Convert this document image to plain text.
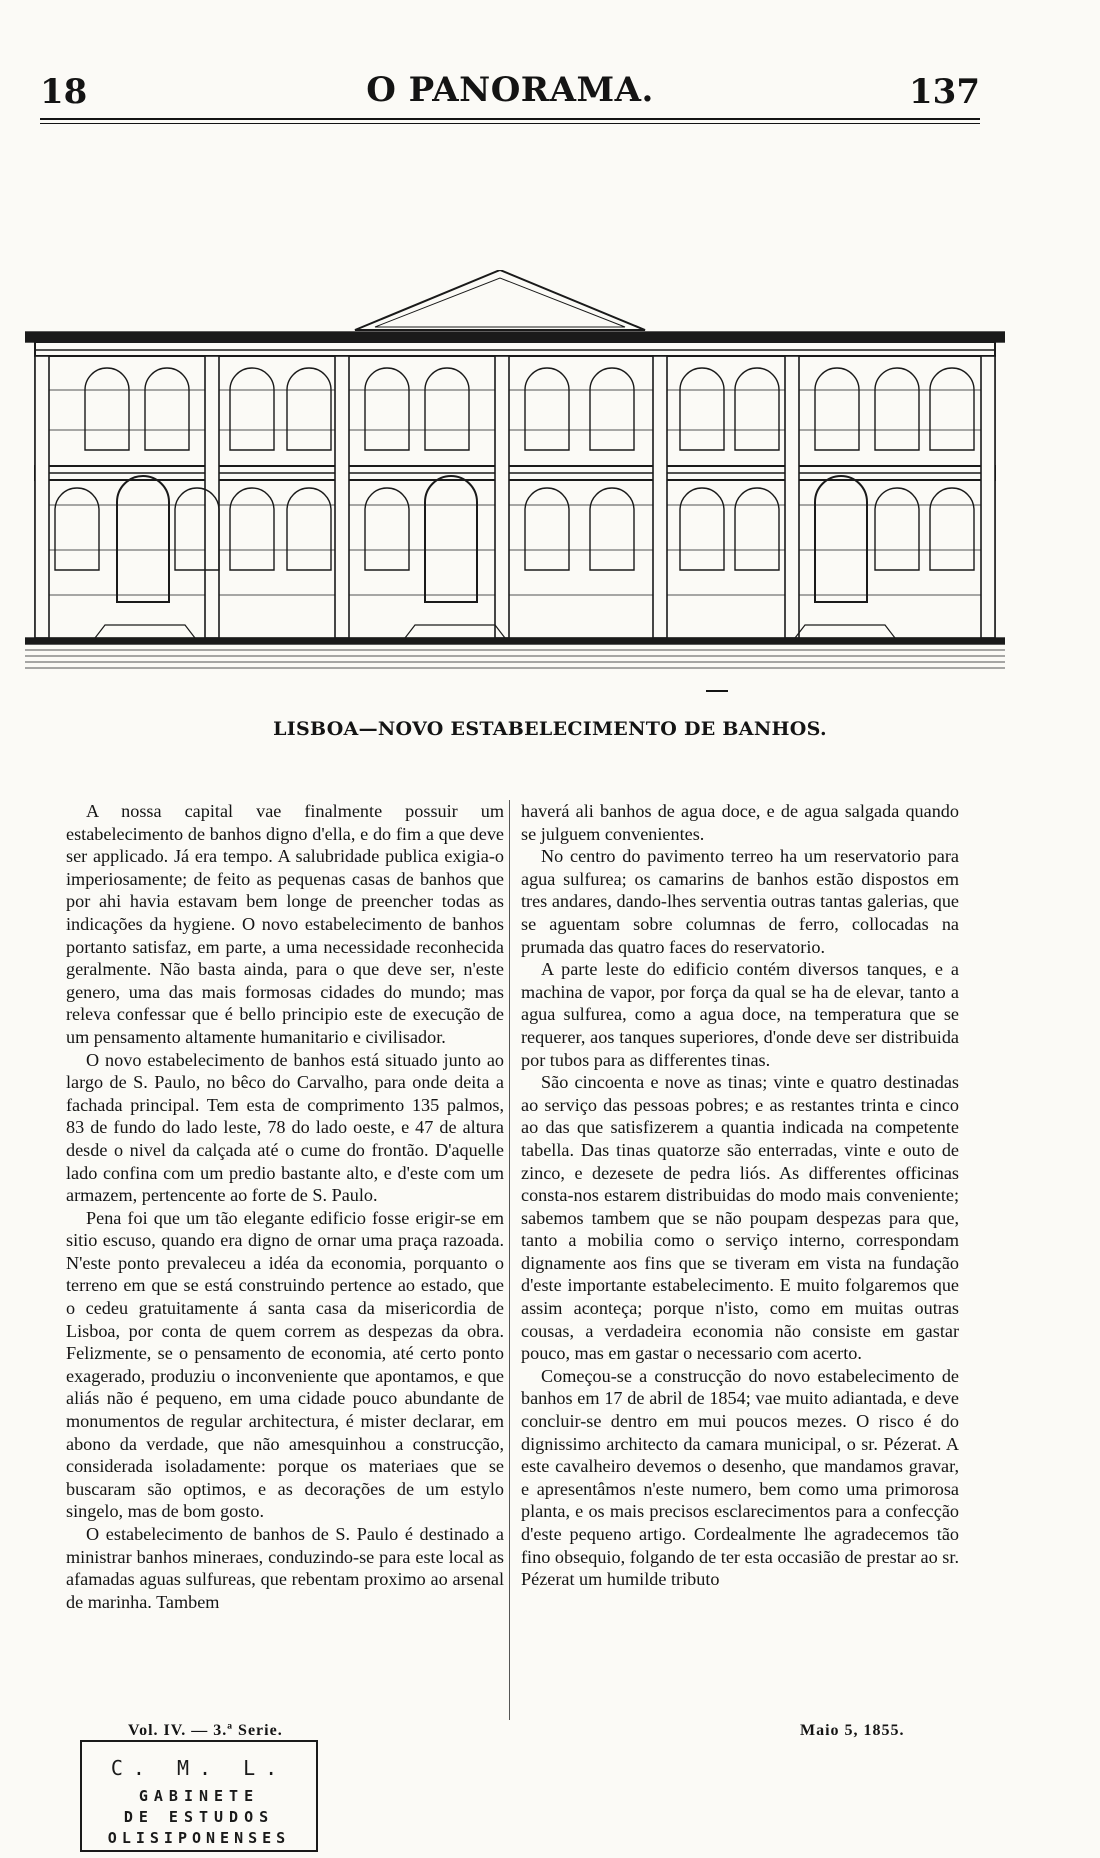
18	O PANORAMA.	137
LISBOA—NOVO ESTABELECIMENTO DE BANHOS.

A nossa capital vae finalmente possuir um estabelecimento de banhos digno d'ella, e do fim a que deve ser applicado. Já era tempo. A salubridade publica exigia-o imperiosamente; de feito as pequenas casas de banhos que por ahi havia estavam bem longe de preencher todas as indicações da hygiene. O novo estabelecimento de banhos portanto satisfaz, em parte, a uma necessidade reconhecida geralmente. Não basta ainda, para o que deve ser, n'este genero, uma das mais formosas cidades do mundo; mas releva confessar que é bello principio este de execução de um pensamento altamente humanitario e civilisador.

O novo estabelecimento de banhos está situado junto ao largo de S. Paulo, no bêco do Carvalho, para onde deita a fachada principal. Tem esta de comprimento 135 palmos, 83 de fundo do lado leste, 78 do lado oeste, e 47 de altura desde o nivel da calçada até o cume do frontão. D'aquelle lado confina com um predio bastante alto, e d'este com um armazem, pertencente ao forte de S. Paulo.

Pena foi que um tão elegante edificio fosse erigir-se em sitio escuso, quando era digno de ornar uma praça razoada. N'este ponto prevaleceu a idéa da economia, porquanto o terreno em que se está construindo pertence ao estado, que o cedeu gratuitamente á santa casa da misericordia de Lisboa, por conta de quem correm as despezas da obra. Felizmente, se o pensamento de economia, até certo ponto exagerado, produziu o inconveniente que apontamos, e que aliás não é pequeno, em uma cidade pouco abundante de monumentos de regular architectura, é mister declarar, em abono da verdade, que não amesquinhou a construcção, considerada isoladamente: porque os materiaes que se buscaram são optimos, e as decorações de um estylo singelo, mas de bom gosto.

O estabelecimento de banhos de S. Paulo é destinado a ministrar banhos mineraes, conduzindo-se para este local as afamadas aguas sulfureas, que rebentam proximo ao arsenal de marinha. Tambem

haverá ali banhos de agua doce, e de agua salgada quando se julguem convenientes.

No centro do pavimento terreo ha um reservatorio para agua sulfurea; os camarins de banhos estão dispostos em tres andares, dando-lhes serventia outras tantas galerias, que se aguentam sobre columnas de ferro, collocadas na prumada das quatro faces do reservatorio.

A parte leste do edificio contém diversos tanques, e a machina de vapor, por força da qual se ha de elevar, tanto a agua sulfurea, como a agua doce, na temperatura que se requerer, aos tanques superiores, d'onde deve ser distribuida por tubos para as differentes tinas.

São cincoenta e nove as tinas; vinte e quatro destinadas ao serviço das pessoas pobres; e as restantes trinta e cinco ao das que satisfizerem a quantia indicada na competente tabella. Das tinas quatorze são enterradas, vinte e outo de zinco, e dezesete de pedra liós. As differentes officinas consta-nos estarem distribuidas do modo mais conveniente; sabemos tambem que se não poupam despezas para que, tanto a mobilia como o serviço interno, correspondam dignamente aos fins que se tiveram em vista na fundação d'este importante estabelecimento. E muito folgaremos que assim aconteça; porque n'isto, como em muitas outras cousas, a verdadeira economia não consiste em gastar pouco, mas em gastar o necessario com acerto.

Começou-se a construcção do novo estabelecimento de banhos em 17 de abril de 1854; vae muito adiantada, e deve concluir-se dentro em mui poucos mezes. O risco é do dignissimo architecto da camara municipal, o sr. Pézerat. A este cavalheiro devemos o desenho, que mandamos gravar, e apresentâmos n'este numero, bem como uma primorosa planta, e os mais precisos esclarecimentos para a confecção d'este pequeno artigo. Cordealmente lhe agradecemos tão fino obsequio, folgando de ter esta occasião de prestar ao sr. Pézerat um humilde tributo

Vol. IV. — 3.ª Serie.	Maio 5, 1855.
C. M. L.
GABINETE
DE ESTUDOS
OLISIPONENSES
